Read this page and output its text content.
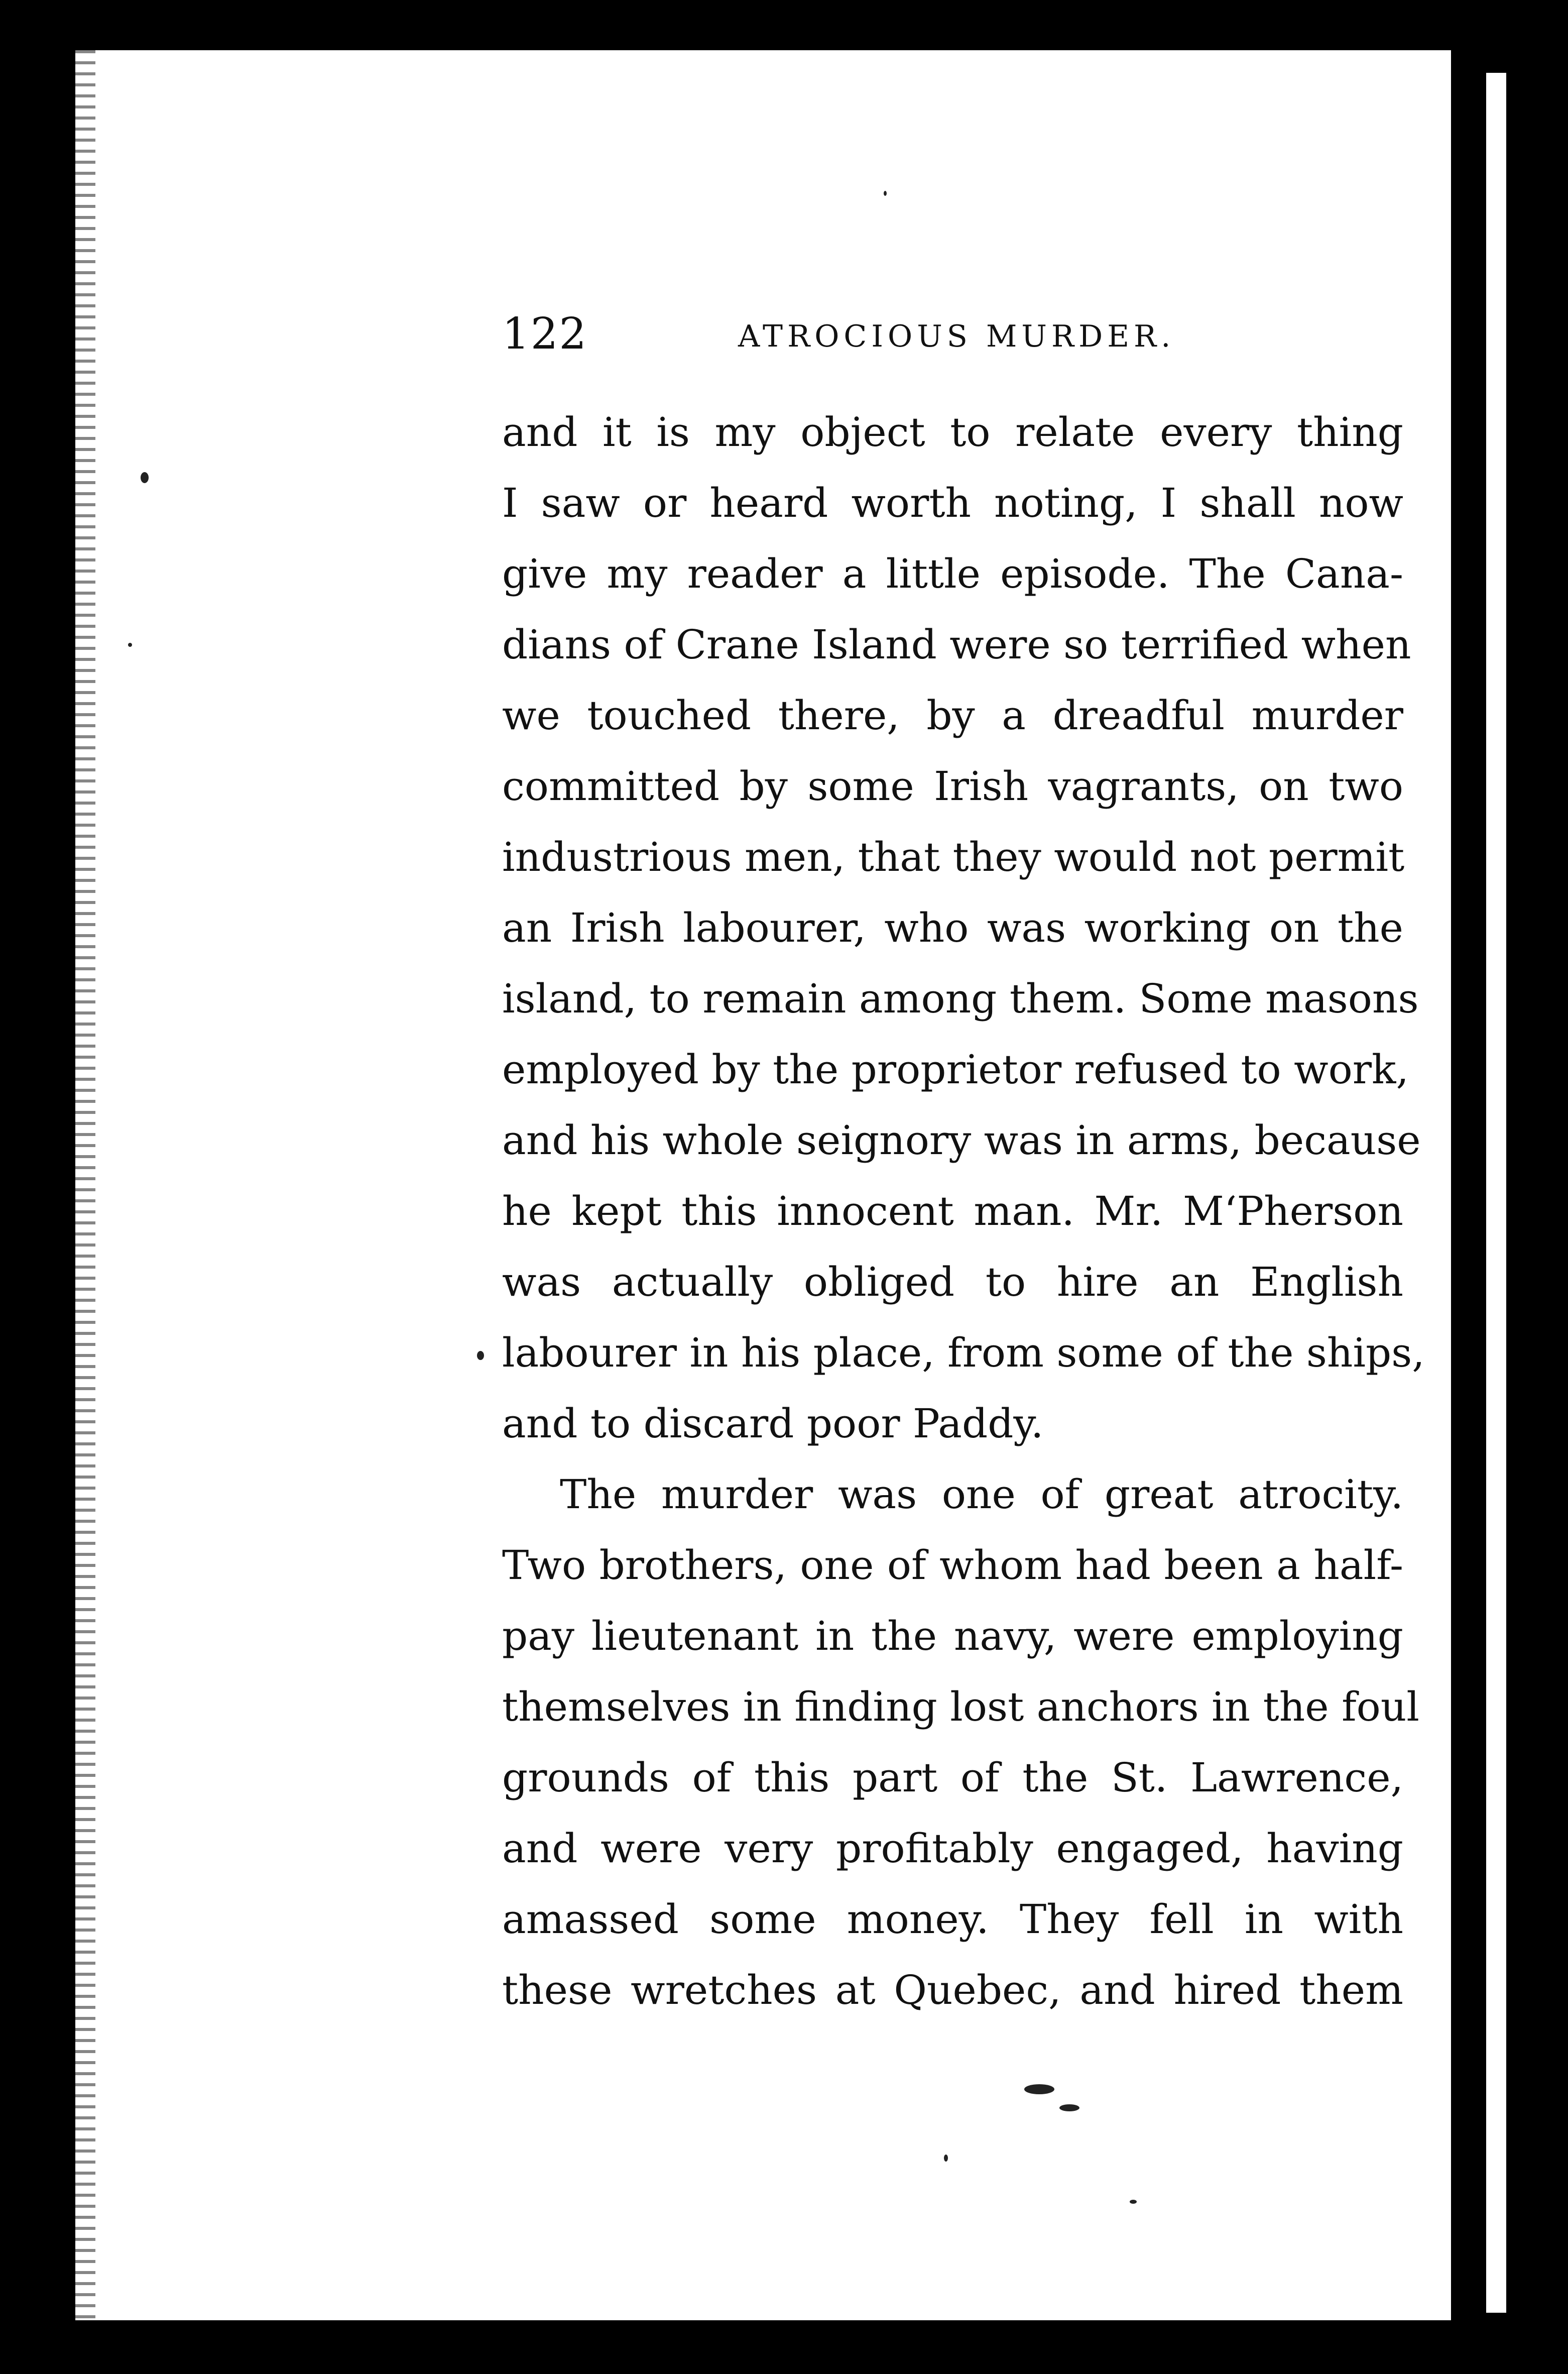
122	ATROCIOUS MURDER.
and it is my object to relate every thing
I saw or heard worth noting, I shall now
give my reader a little episode. The Cana-
dians of Crane Island were so terrified when
we touched there, by a dreadful murder
committed by some Irish vagrants, on two
industrious men, that they would not permit
an Irish labourer, who was working on the
island, to remain among them. Some masons
employed by the proprietor refused to work,
and his whole seignory was in arms, because
he kept this innocent man. Mr. M‘Pherson
was actually obliged to hire an English
labourer in his place, from some of the ships,
and to discard poor Paddy.
The murder was one of great atrocity.
Two brothers, one of whom had been a half-
pay lieutenant in the navy, were employing
themselves in finding lost anchors in the foul
grounds of this part of the St. Lawrence,
and were very profitably engaged, having
amassed some money. They fell in with
these wretches at Quebec, and hired them
